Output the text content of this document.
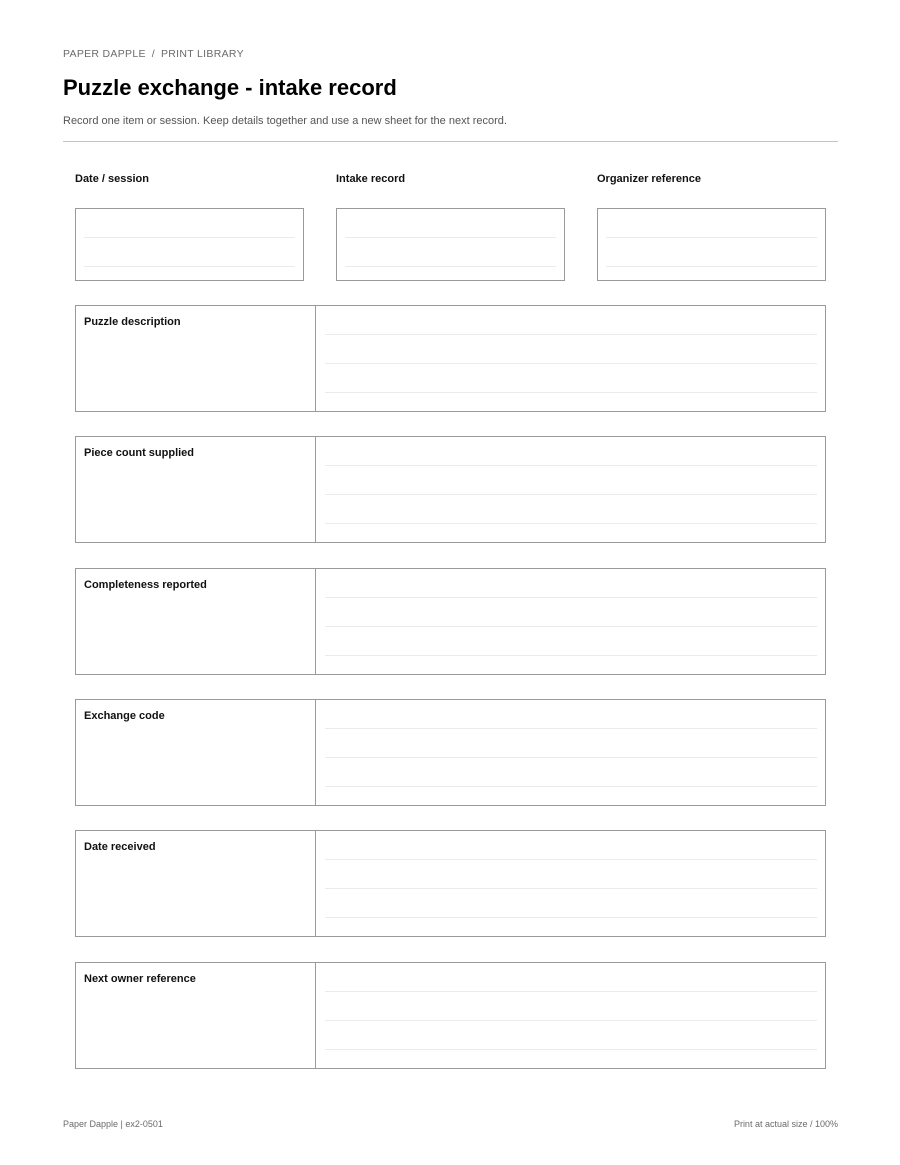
PAPER DAPPLE / PRINT LIBRARY
Puzzle exchange - intake record

Record one item or session. Keep details together and use a new sheet for the next record.

Date / session	Intake record	Organizer reference
Puzzle description
Piece count supplied
Completeness reported
Exchange code
Date received
Next owner reference
Paper Dapple | ex2-0501	Print at actual size / 100%
